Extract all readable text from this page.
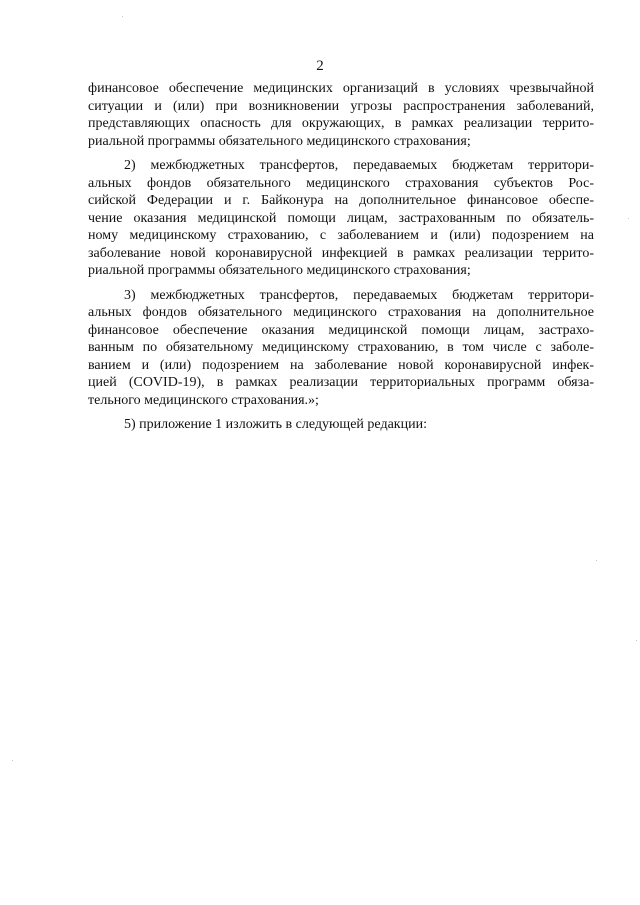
2

финансовое обеспечение медицинских организаций в условиях чрезвычайной
ситуации и (или) при возникновении угрозы распространения заболеваний,
представляющих опасность для окружающих, в рамках реализации террито-
риальной программы обязательного медицинского страхования;

2) межбюджетных трансфертов, передаваемых бюджетам территори-
альных фондов обязательного медицинского страхования субъектов Рос-
сийской Федерации и г. Байконура на дополнительное финансовое обеспе-
чение оказания медицинской помощи лицам, застрахованным по обязатель-
ному медицинскому страхованию, с заболеванием и (или) подозрением на
заболевание новой коронавирусной инфекцией в рамках реализации террито-
риальной программы обязательного медицинского страхования;

3) межбюджетных трансфертов, передаваемых бюджетам территори-
альных фондов обязательного медицинского страхования на дополнительное
финансовое обеспечение оказания медицинской помощи лицам, застрахо-
ванным по обязательному медицинскому страхованию, в том числе с заболе-
ванием и (или) подозрением на заболевание новой коронавирусной инфек-
цией (COVID-19), в рамках реализации территориальных программ обяза-
тельного медицинского страхования.»;

5) приложение 1 изложить в следующей редакции:
